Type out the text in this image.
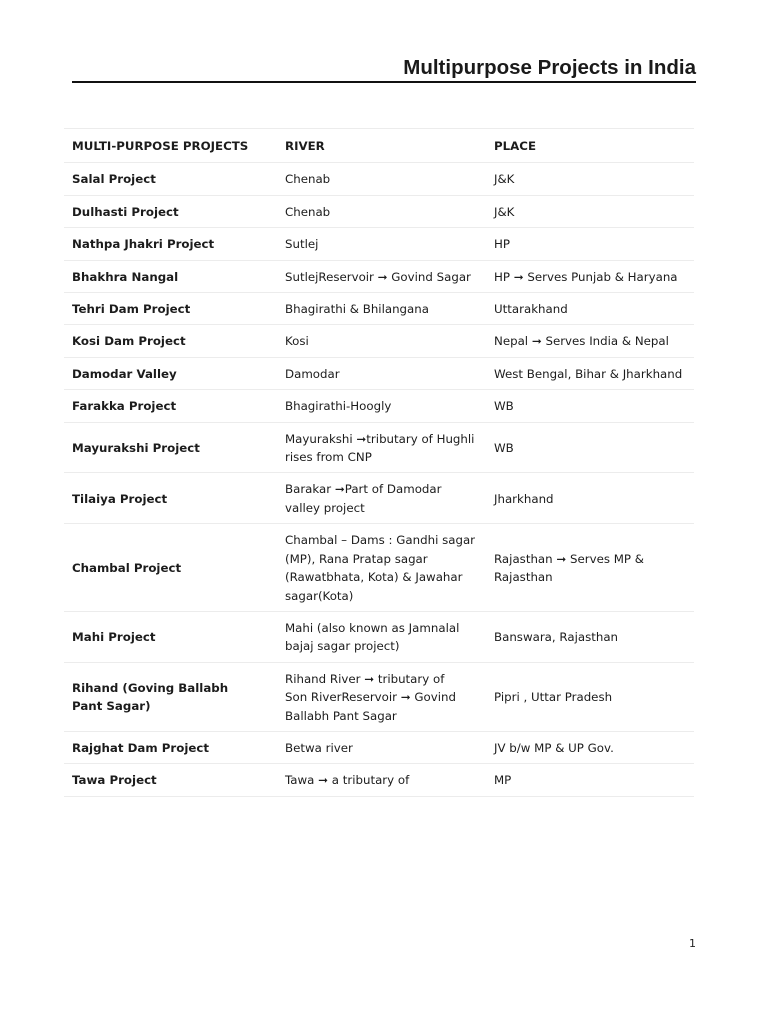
Multipurpose Projects in India
MULTI-PURPOSE PROJECTS	RIVER	PLACE
Salal Project	Chenab	J&K
Dulhasti Project	Chenab	J&K
Nathpa Jhakri Project	Sutlej	HP
Bhakhra Nangal	SutlejReservoir ➞ Govind Sagar	HP ➞ Serves Punjab & Haryana
Tehri Dam Project	Bhagirathi & Bhilangana	Uttarakhand
Kosi Dam Project	Kosi	Nepal ➞ Serves India & Nepal
Damodar Valley	Damodar	West Bengal, Bihar & Jharkhand
Farakka Project	Bhagirathi-Hoogly	WB
Mayurakshi Project	Mayurakshi ➞tributary of Hughli rises from CNP	WB
Tilaiya Project	Barakar ➞Part of Damodar valley project	Jharkhand
Chambal Project	Chambal – Dams : Gandhi sagar (MP), Rana Pratap sagar (Rawatbhata, Kota) & Jawahar sagar(Kota)	Rajasthan ➞ Serves MP & Rajasthan
Mahi Project	Mahi (also known as Jamnalal bajaj sagar project)	Banswara, Rajasthan
Rihand (Goving Ballabh Pant Sagar)	Rihand River ➞ tributary of Son RiverReservoir ➞ Govind Ballabh Pant Sagar	Pipri , Uttar Pradesh
Rajghat Dam Project	Betwa river	JV b/w MP & UP Gov.
Tawa Project	Tawa ➞ a tributary of	MP
1
